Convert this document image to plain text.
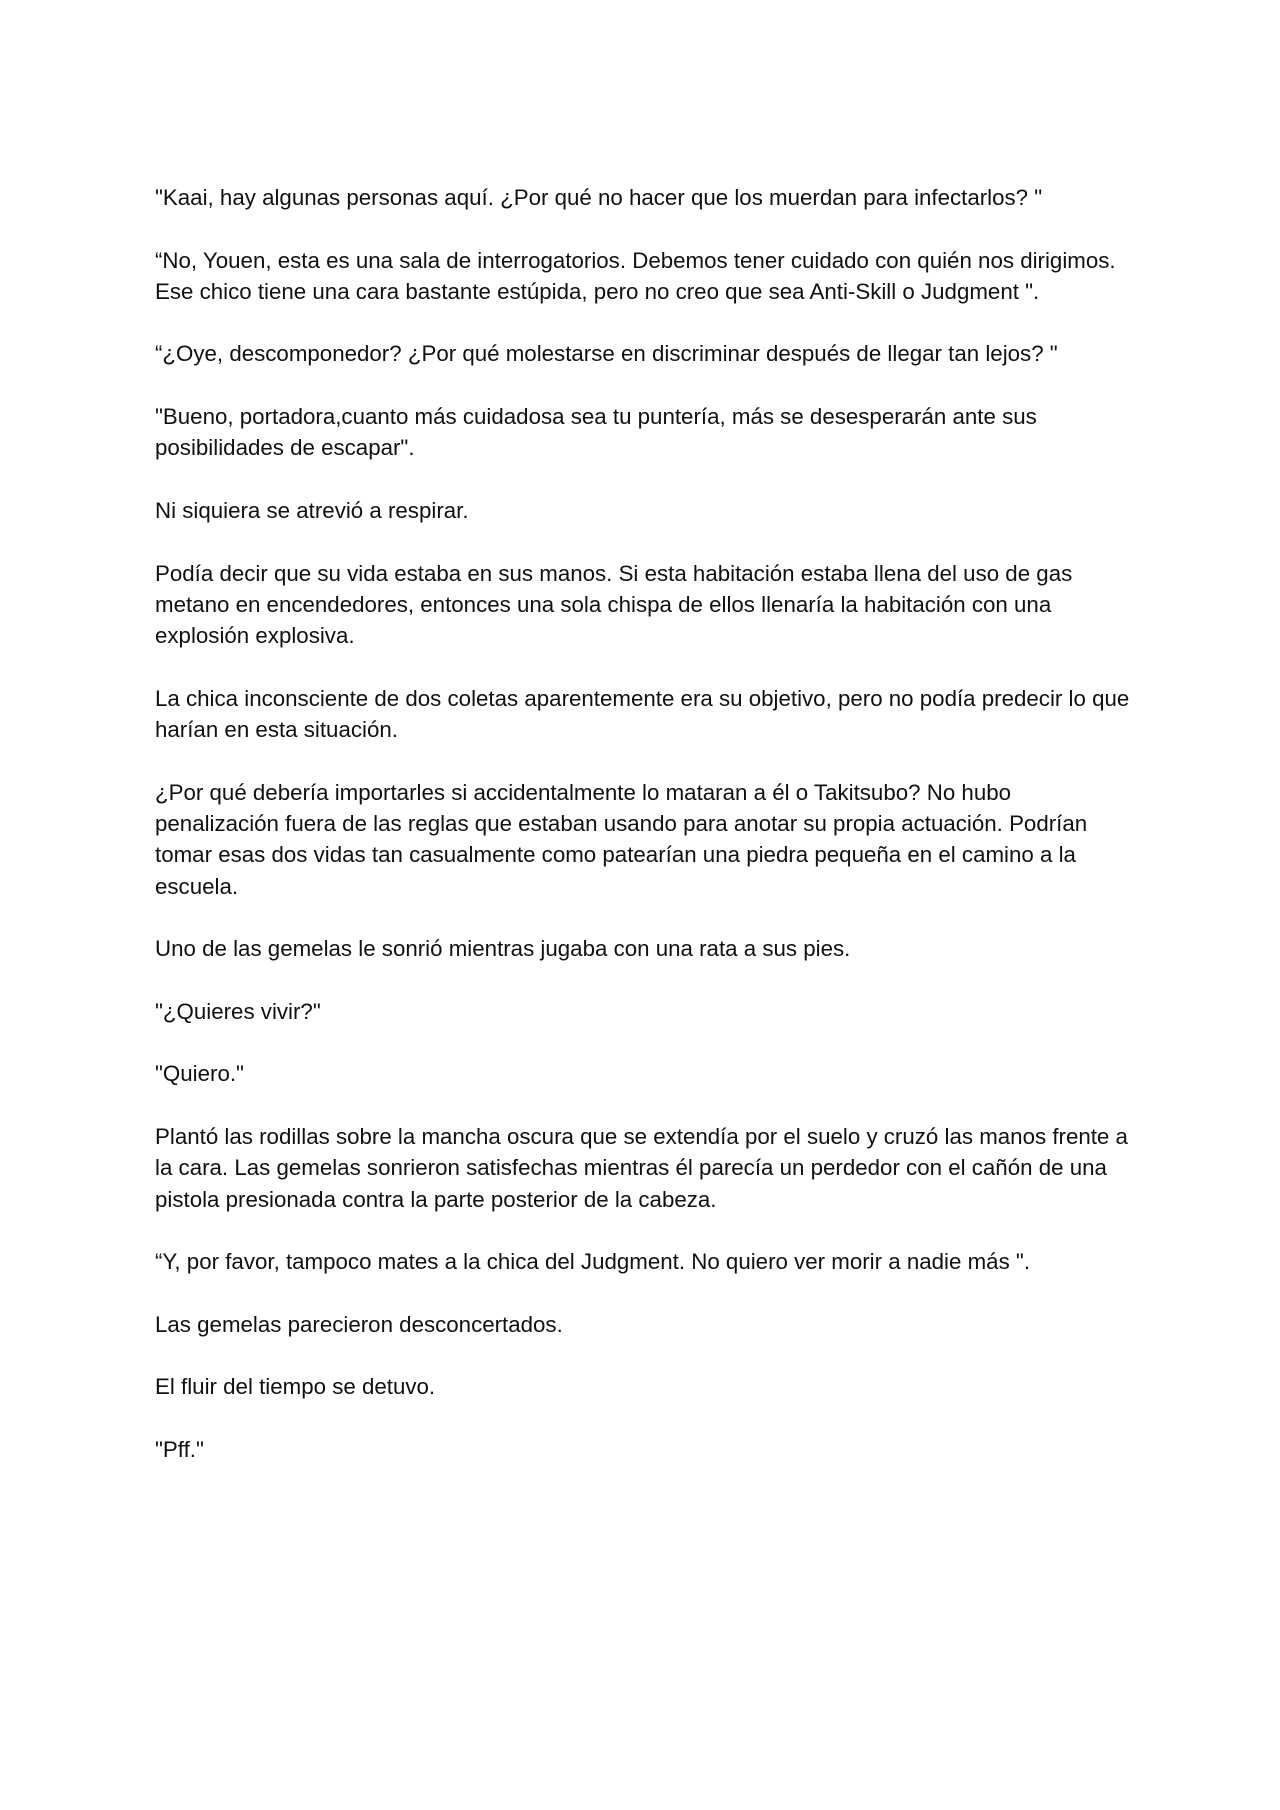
"Kaai, hay algunas personas aquí. ¿Por qué no hacer que los muerdan para infectarlos? "

“No, Youen, esta es una sala de interrogatorios. Debemos tener cuidado con quién nos dirigimos. Ese chico tiene una cara bastante estúpida, pero no creo que sea Anti-Skill o Judgment ".

“¿Oye, descomponedor? ¿Por qué molestarse en discriminar después de llegar tan lejos? "

"Bueno, portadora,cuanto más cuidadosa sea tu puntería, más se desesperarán ante sus posibilidades de escapar".

Ni siquiera se atrevió a respirar.

Podía decir que su vida estaba en sus manos. Si esta habitación estaba llena del uso de gas metano en encendedores, entonces una sola chispa de ellos llenaría la habitación con una explosión explosiva.

La chica inconsciente de dos coletas aparentemente era su objetivo, pero no podía predecir lo que harían en esta situación.

¿Por qué debería importarles si accidentalmente lo mataran a él o Takitsubo? No hubo penalización fuera de las reglas que estaban usando para anotar su propia actuación. Podrían tomar esas dos vidas tan casualmente como patearían una piedra pequeña en el camino a la escuela.

Uno de las gemelas le sonrió mientras jugaba con una rata a sus pies.

"¿Quieres vivir?"

"Quiero."

Plantó las rodillas sobre la mancha oscura que se extendía por el suelo y cruzó las manos frente a la cara. Las gemelas sonrieron satisfechas mientras él parecía un perdedor con el cañón de una pistola presionada contra la parte posterior de la cabeza.

“Y, por favor, tampoco mates a la chica del Judgment. No quiero ver morir a nadie más ".

Las gemelas parecieron desconcertados.

El fluir del tiempo se detuvo.

"Pff."
